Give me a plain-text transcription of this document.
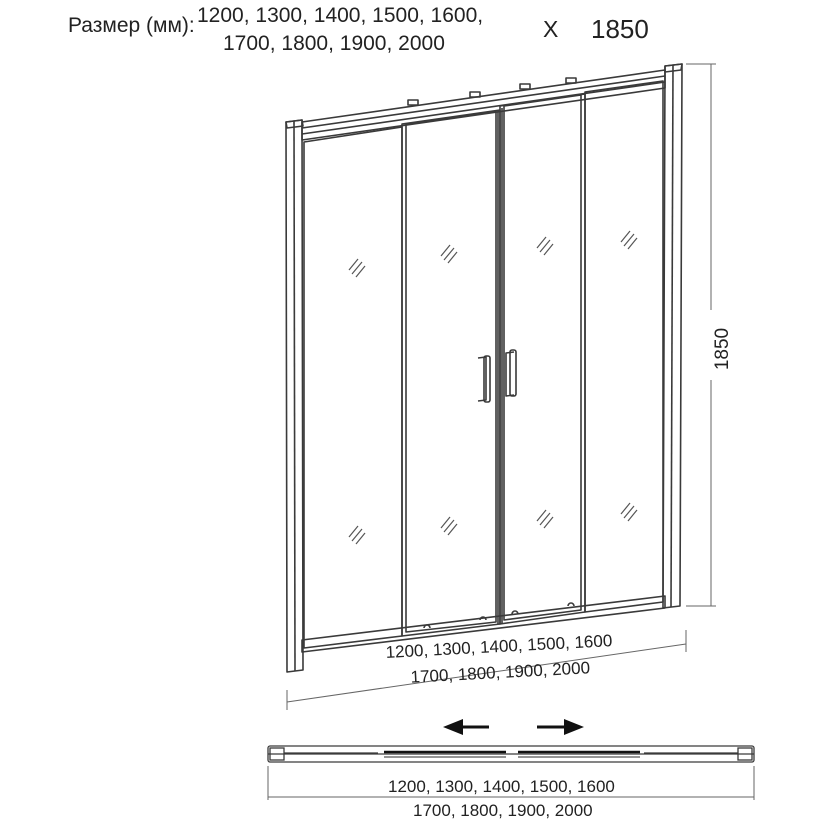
Размер (мм): 1200, 1300, 1400, 1500, 1600,
1700, 1800, 1900, 2000
X 1850
1850
1200, 1300, 1400, 1500, 1600
1700, 1800, 1900, 2000
1200, 1300, 1400, 1500, 1600
1700, 1800, 1900, 2000
